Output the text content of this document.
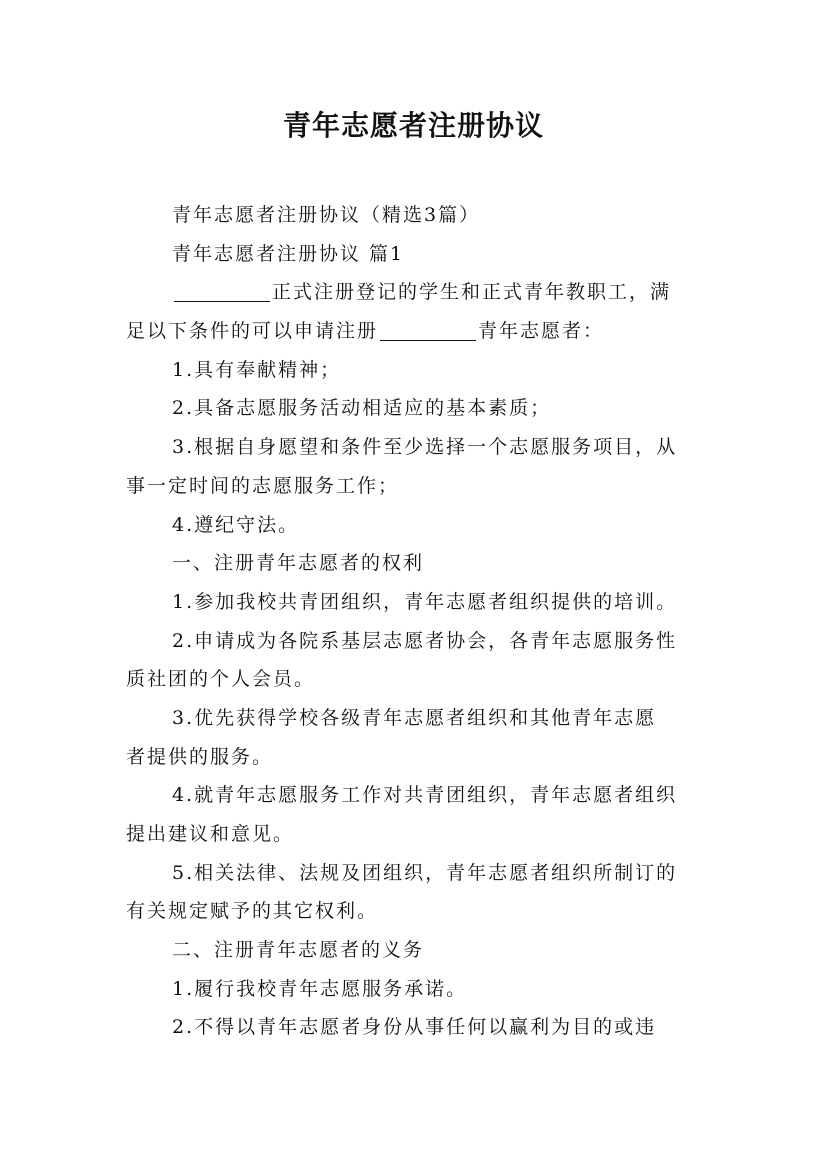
青年志愿者注册协议

青年志愿者注册协议（精选3篇）

青年志愿者注册协议 篇1

正式注册登记的学生和正式青年教职工，满

足以下条件的可以申请注册	青年志愿者：

1.具有奉献精神；

2.具备志愿服务活动相适应的基本素质；

3.根据自身愿望和条件至少选择一个志愿服务项目，从

事一定时间的志愿服务工作；

4.遵纪守法。

一、注册青年志愿者的权利

1.参加我校共青团组织，青年志愿者组织提供的培训。

2.申请成为各院系基层志愿者协会，各青年志愿服务性

质社团的个人会员。

3.优先获得学校各级青年志愿者组织和其他青年志愿

者提供的服务。

4.就青年志愿服务工作对共青团组织，青年志愿者组织

提出建议和意见。

5.相关法律、法规及团组织，青年志愿者组织所制订的

有关规定赋予的其它权利。

二、注册青年志愿者的义务

1.履行我校青年志愿服务承诺。

2.不得以青年志愿者身份从事任何以赢利为目的或违
